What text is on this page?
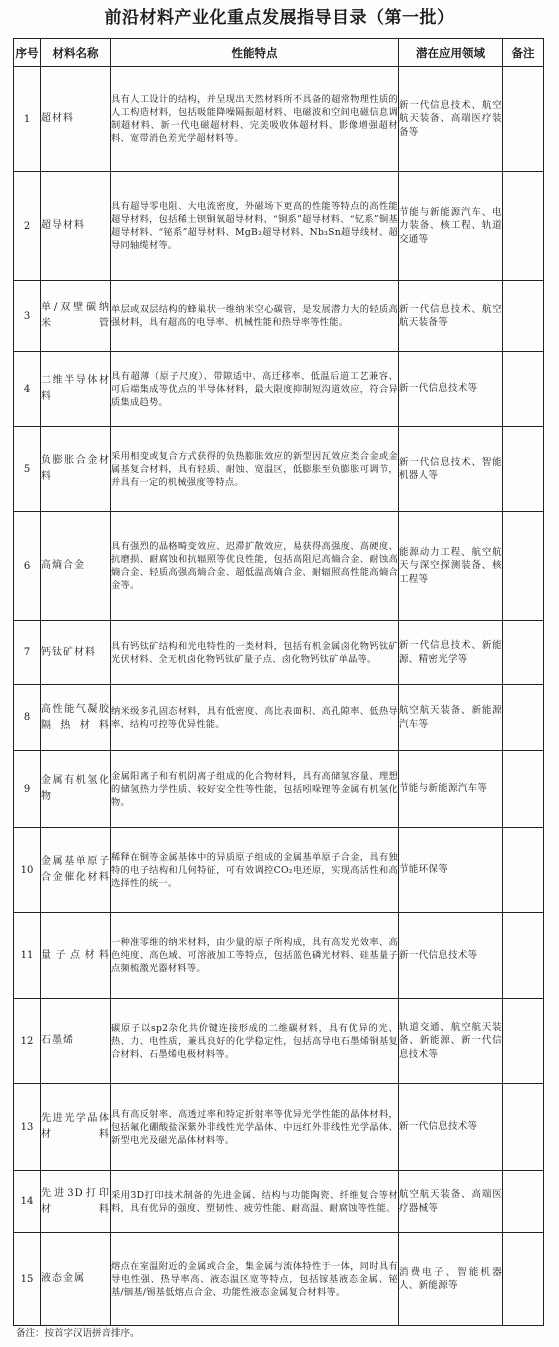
前沿材料产业化重点发展指导目录（第一批）
序号	材料名称	性能特点	潜在应用领域	备注
1	超材料	具有人工设计的结构，并呈现出天然材料所不具备的超常物理性质的人工构造材料，包括吸能降噪隔振超材料、电磁波和空间电磁信息调制超材料、新一代电磁超材料、完美吸收体超材料、影像增强超材料、宽带消色差光学超材料等。	新一代信息技术、航空航天装备、高端医疗装备等	
2	超导材料	具有超导零电阻、大电流密度，外磁场下更高的性能等特点的高性能超导材料，包括稀土钡铜氧超导材料、“铜系”超导材料、“钇系”铜基超导材料、“铋系”超导材料、MgB₂超导材料、Nb₃Sn超导线材、超导同轴缆材等。	节能与新能源汽车、电力装备、核工程、轨道交通等	
3	单/双壁碳纳米管	单层或双层结构的蜂巢状一维纳米空心碳管，是发展潜力大的轻质高强材料，具有超高的电导率、机械性能和热导率等性能。	新一代信息技术、航空航天装备等	
4	二维半导体材料	具有超薄（原子尺度）、带隙适中、高迁移率、低温后道工艺兼容、可后端集成等优点的半导体材料，最大限度抑制短沟道效应，符合异质集成趋势。	新一代信息技术等	
5	负膨胀合金材料	采用相变或复合方式获得的负热膨胀效应的新型因瓦效应类合金或金属基复合材料，具有轻质、耐蚀、宽温区，低膨胀至负膨胀可调节，并具有一定的机械强度等特点。	新一代信息技术、智能机器人等	
6	高熵合金	具有强烈的晶格畸变效应、迟滞扩散效应，易获得高强度、高硬度、抗磨损、耐腐蚀和抗辐照等优良性能，包括高阻尼高熵合金、耐蚀高熵合金、轻质高强高熵合金、超低温高熵合金、耐辐照高性能高熵合金等。	能源动力工程、航空航天与深空探测装备、核工程等	
7	钙钛矿材料	具有钙钛矿结构和光电特性的一类材料，包括有机金属卤化物钙钛矿光伏材料、全无机卤化物钙钛矿量子点、卤化物钙钛矿单晶等。	新一代信息技术、新能源、精密光学等	
8	高性能气凝胶隔热材料	纳米级多孔固态材料，具有低密度、高比表面积、高孔隙率、低热导率、结构可控等优异性能。	航空航天装备、新能源汽车等	
9	金属有机氢化物	金属阳离子和有机阴离子组成的化合物材料，具有高储氢容量、理想的储氢热力学性质、较好安全性等性能，包括吲哚锂等金属有机氢化物。	节能与新能源汽车等	
10	金属基单原子合金催化材料	稀释在铜等金属基体中的异质原子组成的金属基单原子合金，具有独特的电子结构和几何特征，可有效调控CO₂电还原，实现高活性和高选择性的统一。	节能环保等	
11	量子点材料	一种准零维的纳米材料，由少量的原子所构成，具有高发光效率、高色纯度、高色域、可溶液加工等特点，包括蓝色磷光材料、硅基量子点频梳激光器材料等。	新一代信息技术等	
12	石墨烯	碳原子以sp2杂化共价键连接形成的二维碳材料，具有优异的光、热、力、电性质，兼具良好的化学稳定性，包括高导电石墨烯铜基复合材料、石墨烯电极材料等。	轨道交通、航空航天装备、新能源、新一代信息技术等	
13	先进光学晶体材料	具有高反射率、高透过率和特定折射率等优异光学性能的晶体材料，包括氟化硼酸盐深紫外非线性光学晶体、中远红外非线性光学晶体、新型电光及磁光晶体材料等。	新一代信息技术等	
14	先进3D打印材料	采用3D打印技术制备的先进金属、结构与功能陶瓷、纤维复合等材料，具有优异的强度、塑韧性、疲劳性能、耐高温、耐腐蚀等性能。	航空航天装备、高端医疗器械等	
15	液态金属	熔点在室温附近的金属或合金，集金属与流体特性于一体，同时具有导电性强、热导率高、液态温区宽等特点，包括镓基液态金属、铋基/铟基/锡基低熔点合金、功能性液态金属复合材料等。	消费电子、智能机器人、新能源等	
备注：按首字汉语拼音排序。
